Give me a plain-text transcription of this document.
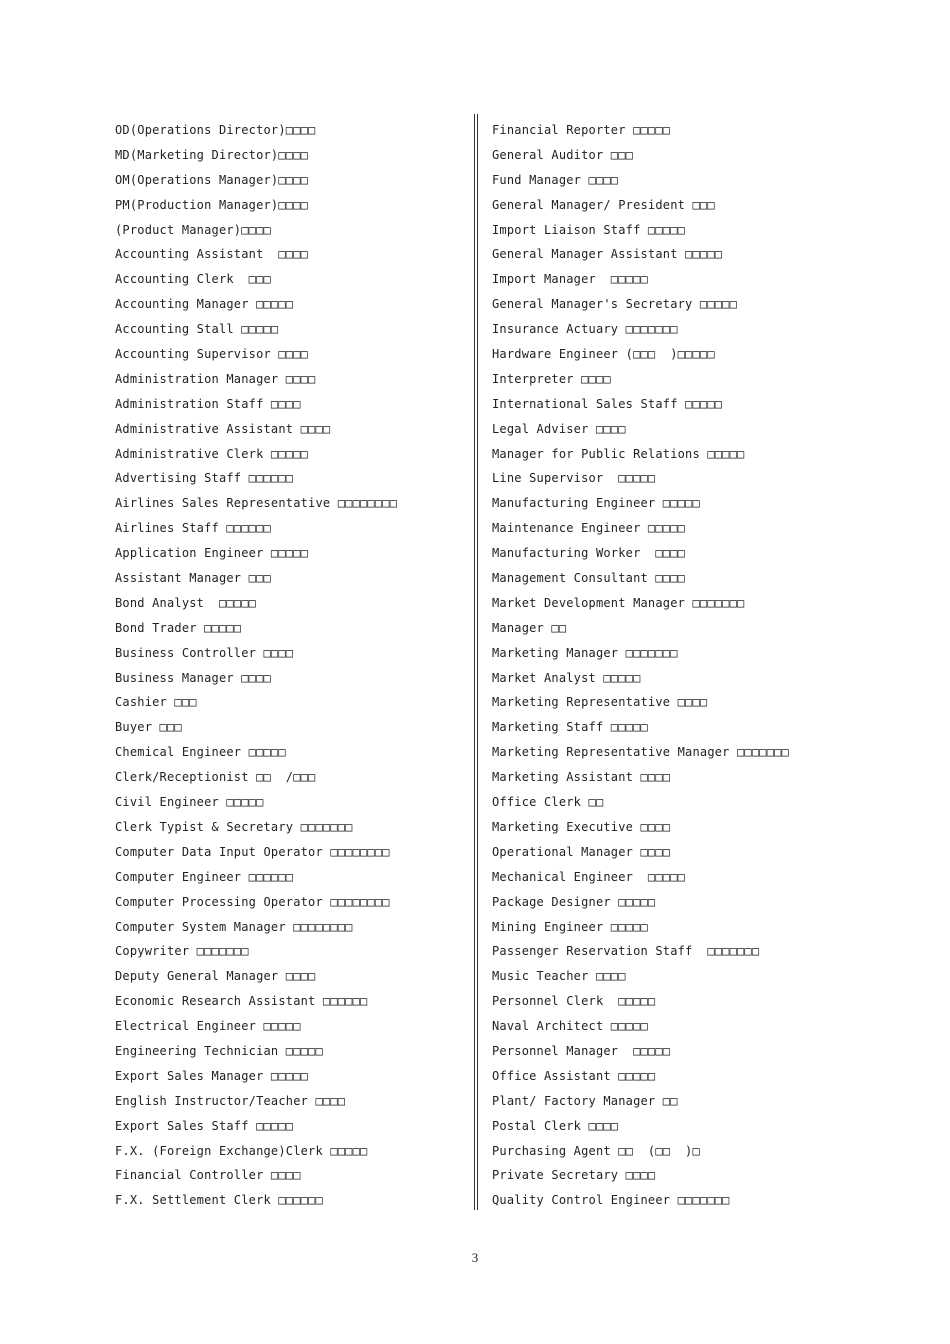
OD(Operations Director)□□□□
MD(Marketing Director)□□□□
OM(Operations Manager)□□□□
PM(Production Manager)□□□□
(Product Manager)□□□□
Accounting Assistant  □□□□
Accounting Clerk  □□□
Accounting Manager □□□□□
Accounting Stall □□□□□
Accounting Supervisor □□□□
Administration Manager □□□□
Administration Staff □□□□
Administrative Assistant □□□□
Administrative Clerk □□□□□
Advertising Staff □□□□□□
Airlines Sales Representative □□□□□□□□
Airlines Staff □□□□□□
Application Engineer □□□□□
Assistant Manager □□□
Bond Analyst  □□□□□
Bond Trader □□□□□
Business Controller □□□□
Business Manager □□□□
Cashier □□□
Buyer □□□
Chemical Engineer □□□□□
Clerk/Receptionist □□  /□□□
Civil Engineer □□□□□
Clerk Typist & Secretary □□□□□□□
Computer Data Input Operator □□□□□□□□
Computer Engineer □□□□□□
Computer Processing Operator □□□□□□□□
Computer System Manager □□□□□□□□
Copywriter □□□□□□□
Deputy General Manager □□□□
Economic Research Assistant □□□□□□
Electrical Engineer □□□□□
Engineering Technician □□□□□
Export Sales Manager □□□□□
English Instructor/Teacher □□□□
Export Sales Staff □□□□□
F.X. (Foreign Exchange)Clerk □□□□□
Financial Controller □□□□
F.X. Settlement Clerk □□□□□□
Financial Reporter □□□□□
General Auditor □□□
Fund Manager □□□□
General Manager/ President □□□
Import Liaison Staff □□□□□
General Manager Assistant □□□□□
Import Manager  □□□□□
General Manager's Secretary □□□□□
Insurance Actuary □□□□□□□
Hardware Engineer (□□□  )□□□□□
Interpreter □□□□
International Sales Staff □□□□□
Legal Adviser □□□□
Manager for Public Relations □□□□□
Line Supervisor  □□□□□
Manufacturing Engineer □□□□□
Maintenance Engineer □□□□□
Manufacturing Worker  □□□□
Management Consultant □□□□
Market Development Manager □□□□□□□
Manager □□
Marketing Manager □□□□□□□
Market Analyst □□□□□
Marketing Representative □□□□
Marketing Staff □□□□□
Marketing Representative Manager □□□□□□□
Marketing Assistant □□□□
Office Clerk □□
Marketing Executive □□□□
Operational Manager □□□□
Mechanical Engineer  □□□□□
Package Designer □□□□□
Mining Engineer □□□□□
Passenger Reservation Staff  □□□□□□□
Music Teacher □□□□
Personnel Clerk  □□□□□
Naval Architect □□□□□
Personnel Manager  □□□□□
Office Assistant □□□□□
Plant/ Factory Manager □□
Postal Clerk □□□□
Purchasing Agent □□  (□□  )□
Private Secretary □□□□
Quality Control Engineer □□□□□□□
3
